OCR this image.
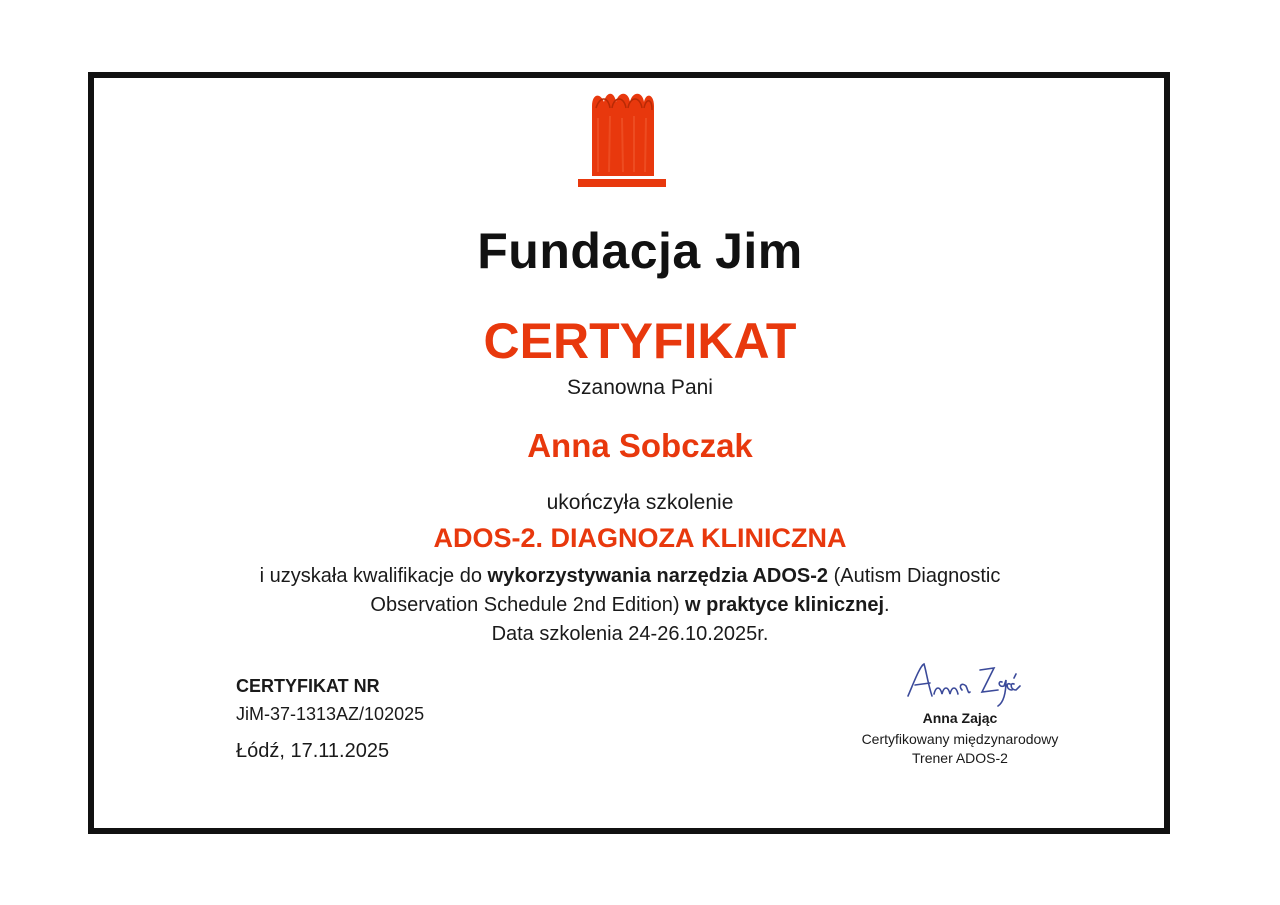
Fundacja Jim
CERTYFIKAT
Szanowna Pani
Anna Sobczak
ukończyła szkolenie
ADOS-2. DIAGNOZA KLINICZNA
i uzyskała kwalifikacje do wykorzystywania narzędzia ADOS-2 (Autism Diagnostic Observation Schedule 2nd Edition) w praktyce klinicznej.
Data szkolenia 24-26.10.2025r.
CERTYFIKAT NR
JiM-37-1313AZ/102025
Łódź, 17.11.2025
Anna Zając
Certyfikowany międzynarodowy
Trener ADOS-2
